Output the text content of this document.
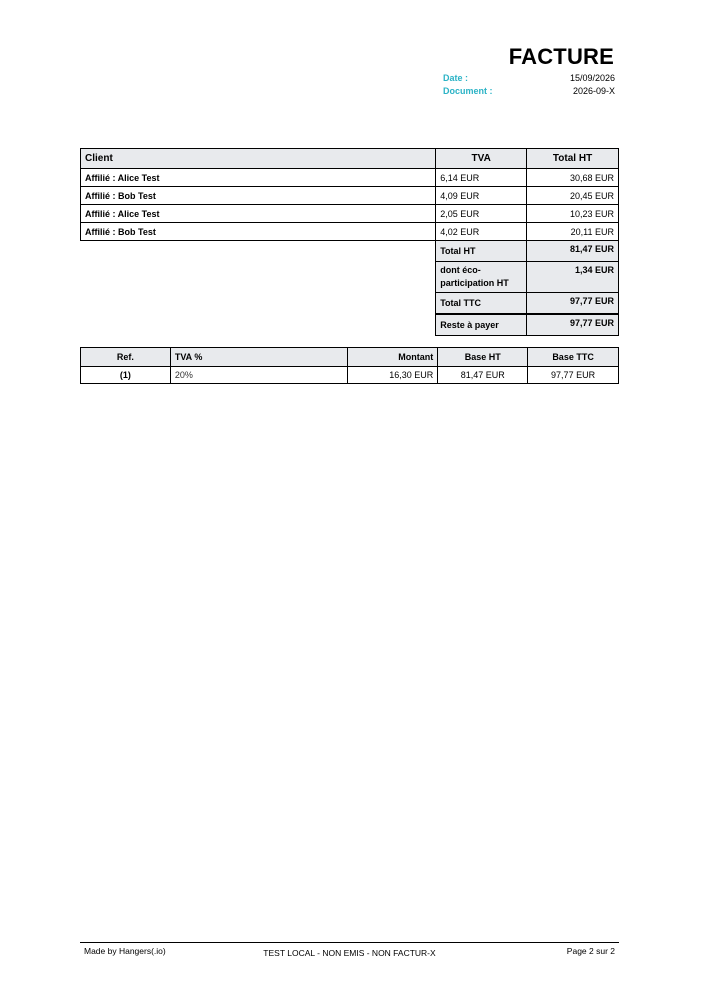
FACTURE
Date :	15/09/2026
Document :	2026-09-X
Client	TVA	Total HT
Affilié : Alice Test	6,14 EUR	30,68 EUR
Affilié : Bob Test	4,09 EUR	20,45 EUR
Affilié : Alice Test	2,05 EUR	10,23 EUR
Affilié : Bob Test	4,02 EUR	20,11 EUR
	Total HT	81,47 EUR
	dont éco-
participation HT	1,34 EUR
	Total TTC	97,77 EUR
	Reste à payer	97,77 EUR
Ref.	TVA %	Montant	Base HT	Base TTC
(1)	20%	16,30 EUR	81,47 EUR	97,77 EUR
Made by Hangers(.io)	TEST LOCAL - NON EMIS - NON FACTUR-X	Page 2 sur 2
